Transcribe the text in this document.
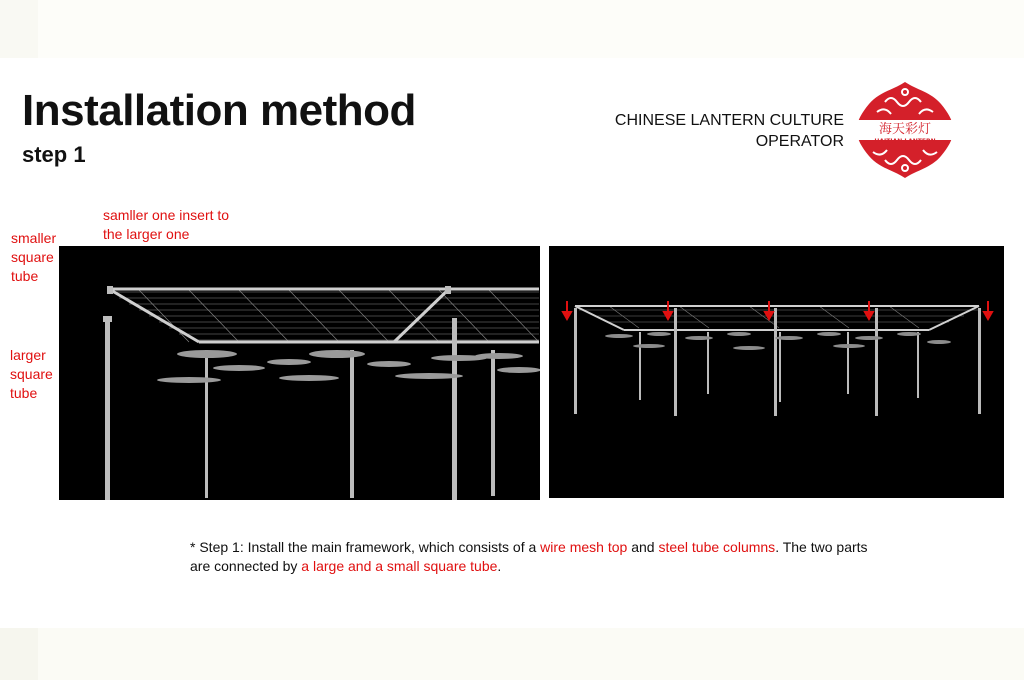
Installation method
step 1
CHINESE LANTERN CULTURE
OPERATOR
海天彩灯
HAITIAN LANTERN
samller one insert to
the larger one
smaller
square
tube
larger
square
tube
* Step 1: Install the main framework, which consists of a wire mesh top and steel tube columns. The two parts are connected by a large and a small square tube.
